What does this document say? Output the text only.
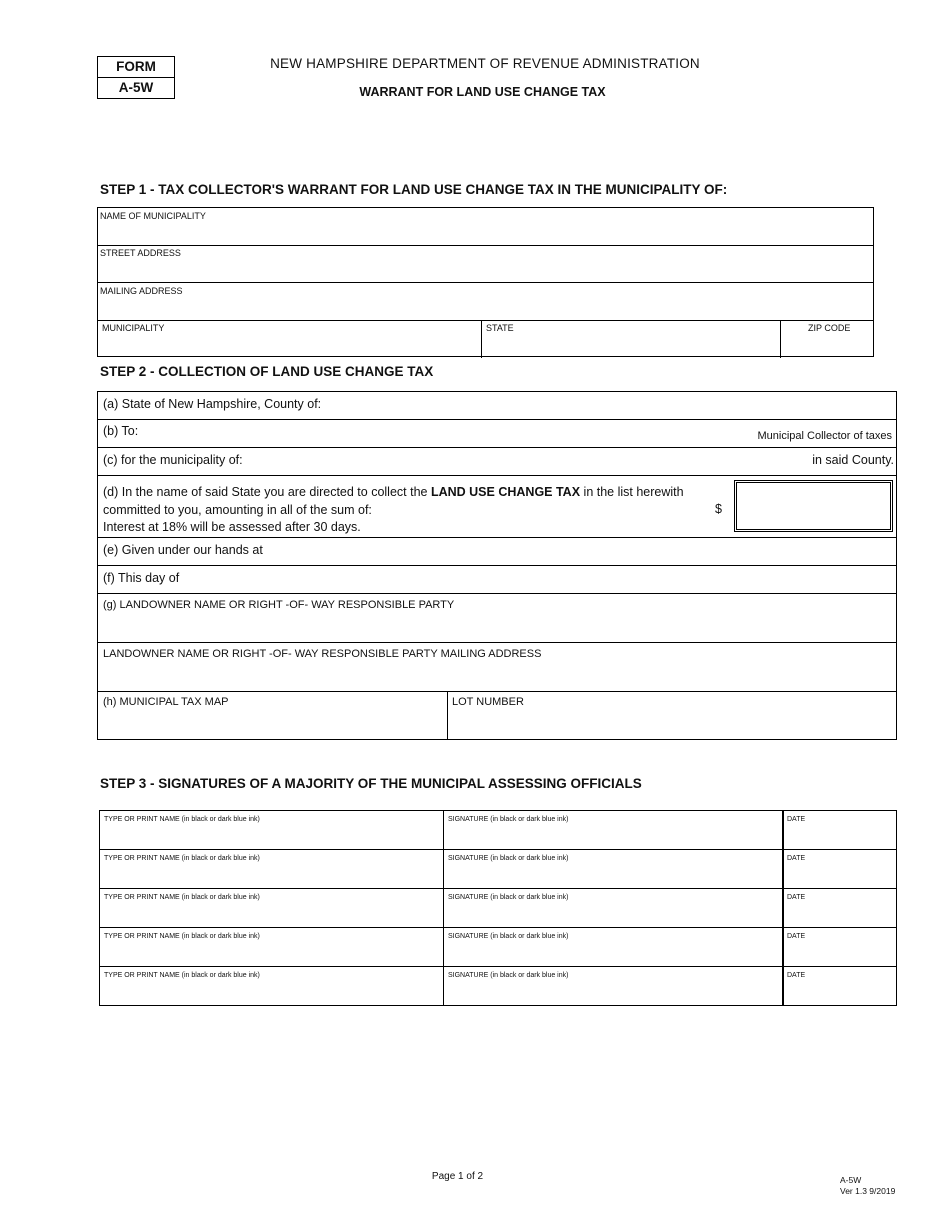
FORM
A-5W
NEW HAMPSHIRE DEPARTMENT OF REVENUE ADMINISTRATION
WARRANT FOR LAND USE CHANGE TAX
STEP 1 - TAX COLLECTOR'S WARRANT FOR LAND USE CHANGE TAX IN THE MUNICIPALITY OF:
NAME OF MUNICIPALITY
STREET ADDRESS
MAILING ADDRESS
MUNICIPALITY	STATE	ZIP CODE
STEP 2 - COLLECTION OF LAND USE CHANGE TAX
(a) State of New Hampshire, County of:
(b) To:	Municipal Collector of taxes
(c) for the municipality of:	in said County.
(d) In the name of said State you are directed to collect the LAND USE CHANGE TAX in the list herewith
committed to you, amounting in all of the sum of:
Interest at 18% will be assessed after 30 days.
$
(e) Given under our hands at
(f) This day of
(g) LANDOWNER NAME OR RIGHT -OF- WAY RESPONSIBLE PARTY
LANDOWNER NAME OR RIGHT -OF- WAY RESPONSIBLE PARTY MAILING ADDRESS
(h) MUNICIPAL TAX MAP	LOT NUMBER
STEP 3 - SIGNATURES OF A MAJORITY OF THE MUNICIPAL ASSESSING OFFICIALS
TYPE OR PRINT NAME (in black or dark blue ink)	SIGNATURE (in black or dark blue ink)	DATE
TYPE OR PRINT NAME (in black or dark blue ink)	SIGNATURE (in black or dark blue ink)	DATE
TYPE OR PRINT NAME (in black or dark blue ink)	SIGNATURE (in black or dark blue ink)	DATE
TYPE OR PRINT NAME (in black or dark blue ink)	SIGNATURE (in black or dark blue ink)	DATE
TYPE OR PRINT NAME (in black or dark blue ink)	SIGNATURE (in black or dark blue ink)	DATE
Page 1 of 2	A-5W
Ver 1.3 9/2019
